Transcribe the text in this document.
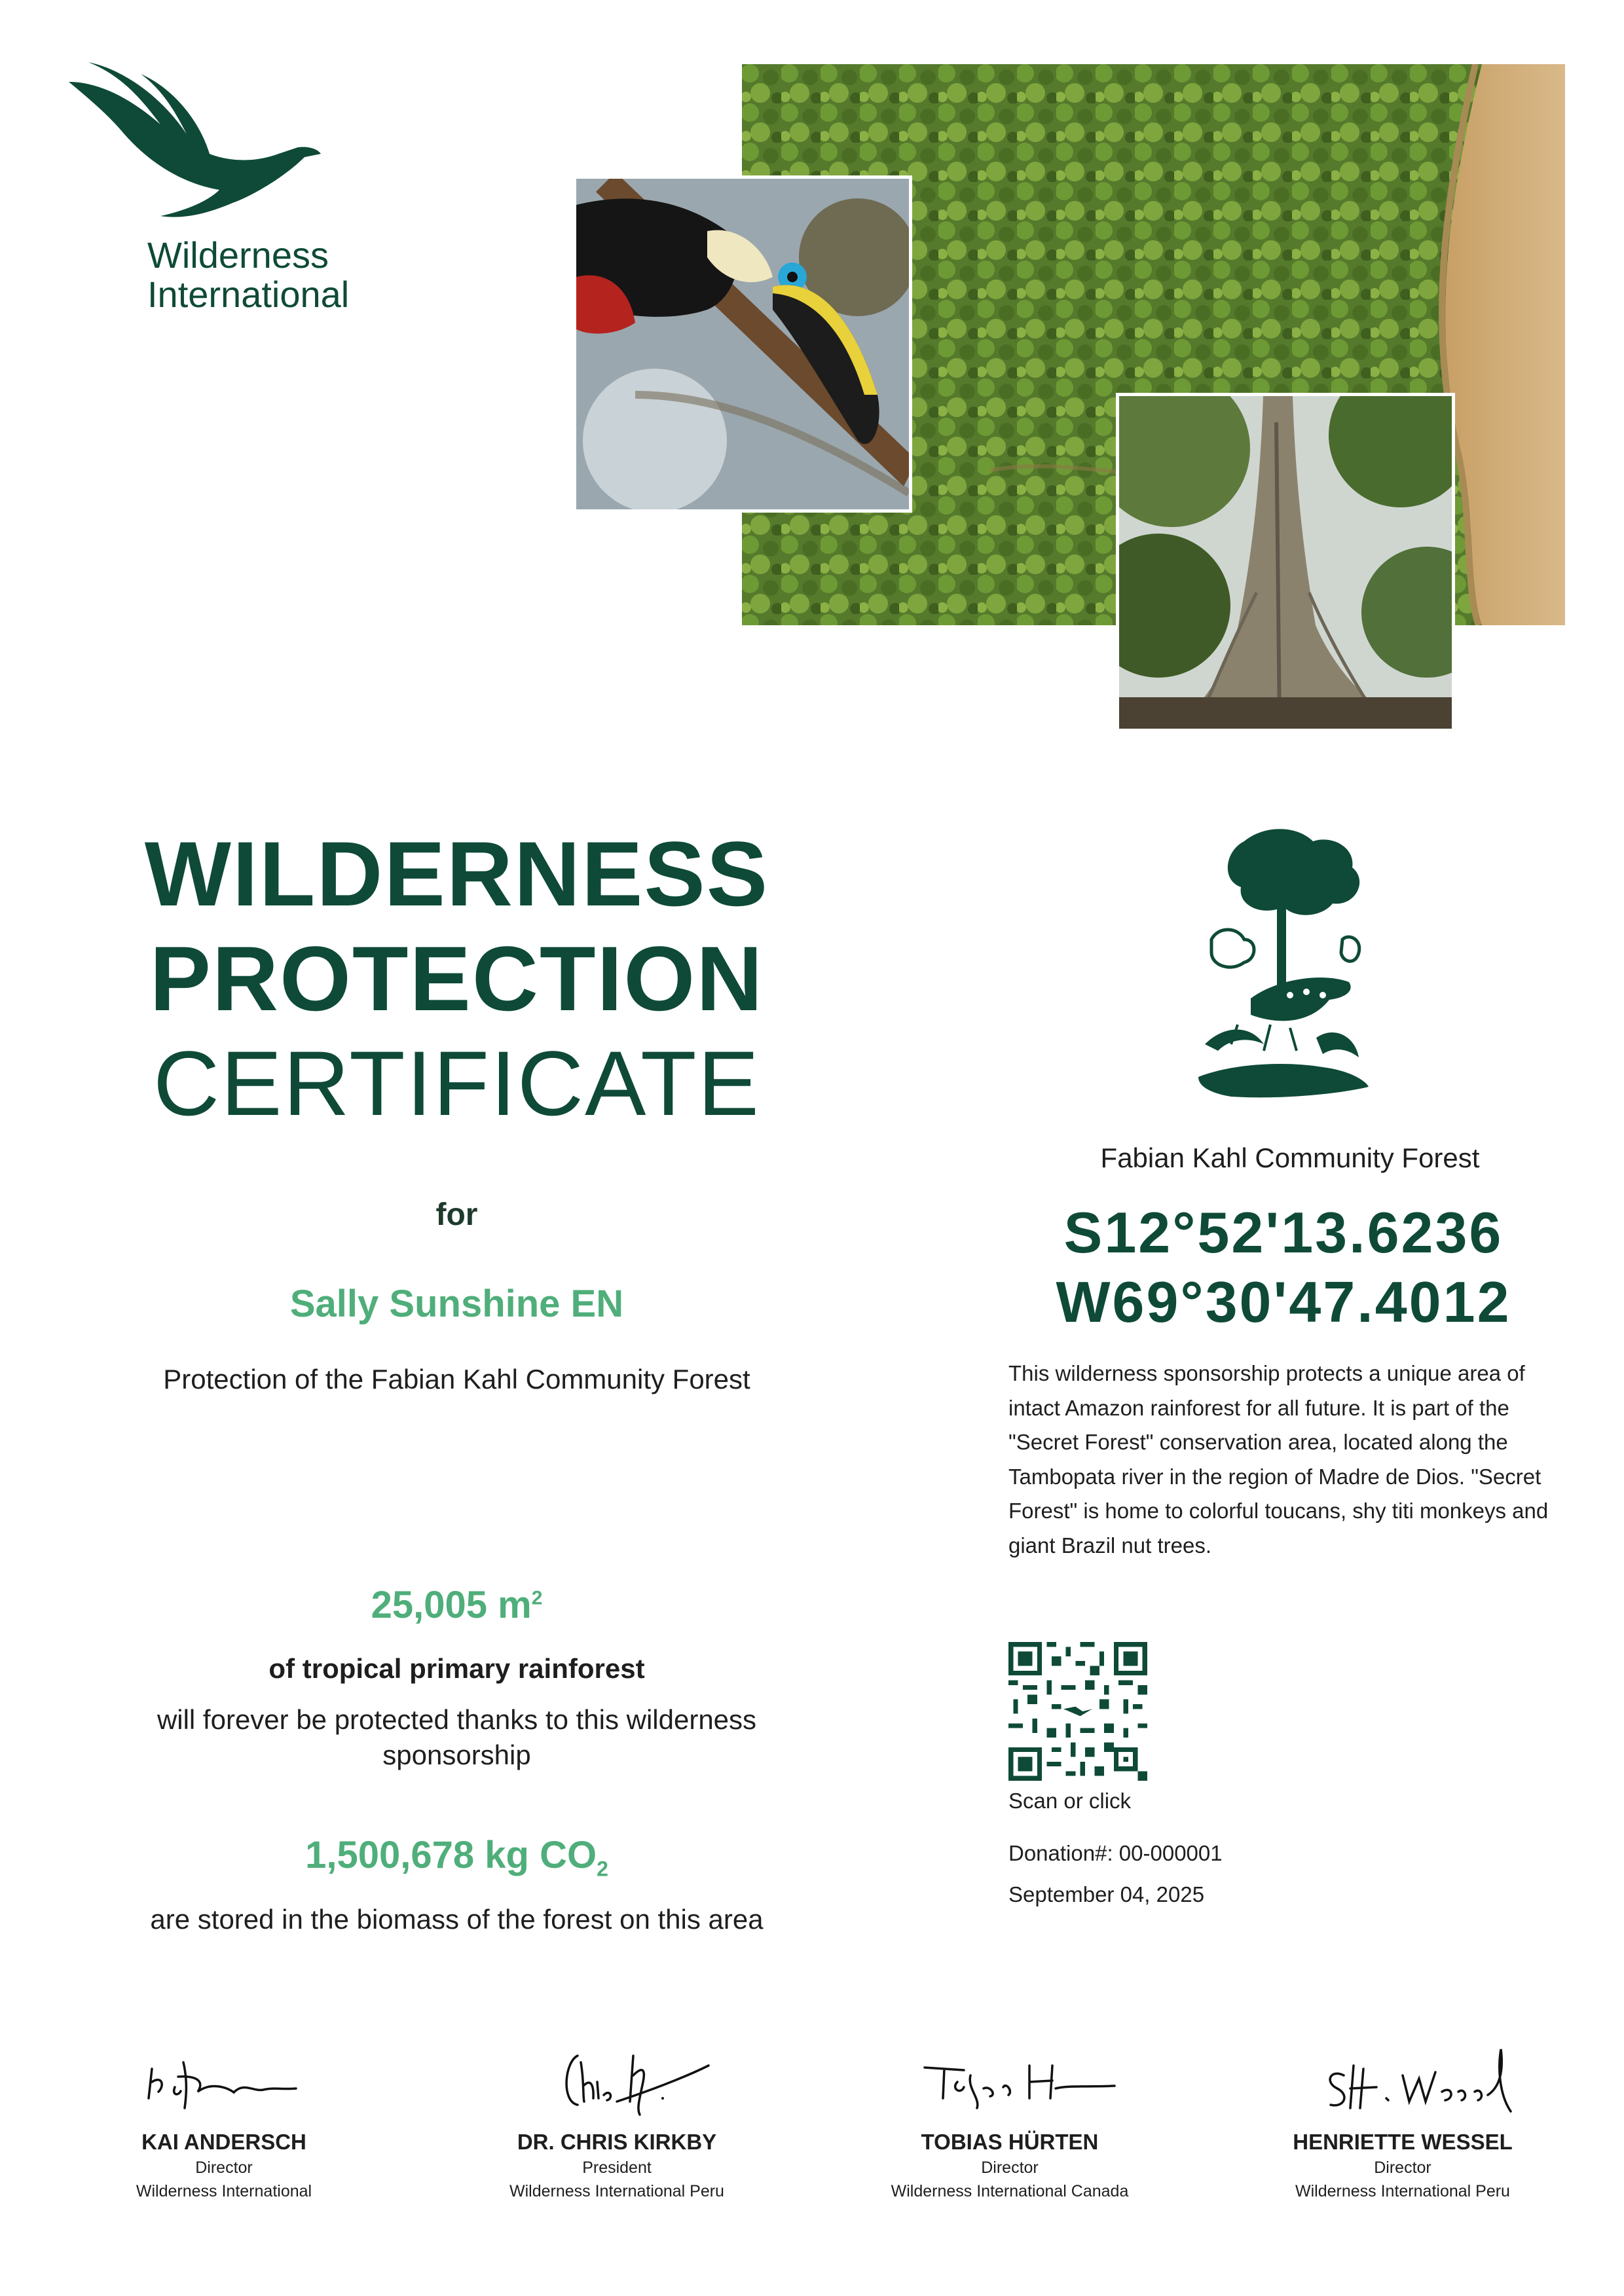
Wilderness
International
WILDERNESS
PROTECTION
CERTIFICATE
for
Sally Sunshine EN
Protection of the Fabian Kahl Community Forest
25,005 $m^2$
of tropical primary rainforest
will forever be protected thanks to this wilderness sponsorship
1,500,678 kg $CO_2$
are stored in the biomass of the forest on this area
Fabian Kahl Community Forest
S12°52'13.6236
W69°30'47.4012
This wilderness sponsorship protects a unique area of intact Amazon rainforest for all future. It is part of the "Secret Forest" conservation area, located along the Tambopata river in the region of Madre de Dios. "Secret Forest" is home to colorful toucans, shy titi monkeys and giant Brazil nut trees.
Scan or click
Donation#: 00-000001
September 04, 2025
KAI ANDERSCH
Director
Wilderness International
DR. CHRIS KIRKBY
President
Wilderness International Peru
TOBIAS HÜRTEN
Director
Wilderness International Canada
HENRIETTE WESSEL
Director
Wilderness International Peru
